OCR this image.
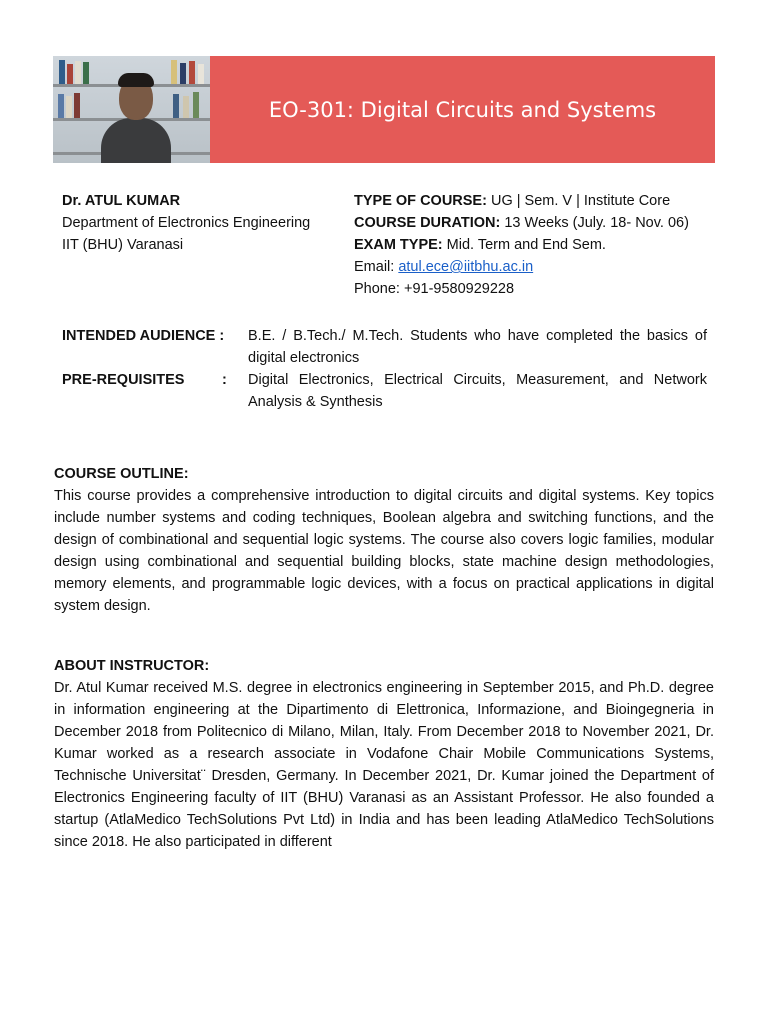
EO-301: Digital Circuits and Systems
Dr. ATUL KUMAR
Department of Electronics Engineering
IIT (BHU) Varanasi
TYPE OF COURSE: UG | Sem. V | Institute Core
COURSE DURATION: 13 Weeks (July. 18- Nov. 06)
EXAM TYPE: Mid. Term and End Sem.
Email: atul.ece@iitbhu.ac.in
Phone: +91-9580929228
INTENDED AUDIENCE :	B.E. / B.Tech./ M.Tech. Students who have completed the basics of digital electronics
PRE-REQUISITES	: Digital Electronics, Electrical Circuits, Measurement, and Network Analysis & Synthesis
COURSE OUTLINE:

This course provides a comprehensive introduction to digital circuits and digital systems. Key topics include number systems and coding techniques, Boolean algebra and switching functions, and the design of combinational and sequential logic systems. The course also covers logic families, modular design using combinational and sequential building blocks, state machine design methodologies, memory elements, and programmable logic devices, with a focus on practical applications in digital system design.

ABOUT INSTRUCTOR:

Dr. Atul Kumar received M.S. degree in electronics engineering in September 2015, and Ph.D. degree in information engineering at the Dipartimento di Elettronica, Informazione, and Bioingegneria in December 2018 from Politecnico di Milano, Milan, Italy. From December 2018 to November 2021, Dr. Kumar worked as a research associate in Vodafone Chair Mobile Communications Systems, Technische Universitat¨ Dresden, Germany. In December 2021, Dr. Kumar joined the Department of Electronics Engineering faculty of IIT (BHU) Varanasi as an Assistant Professor. He also founded a startup (AtlaMedico TechSolutions Pvt Ltd) in India and has been leading AtlaMedico TechSolutions since 2018. He also participated in different
